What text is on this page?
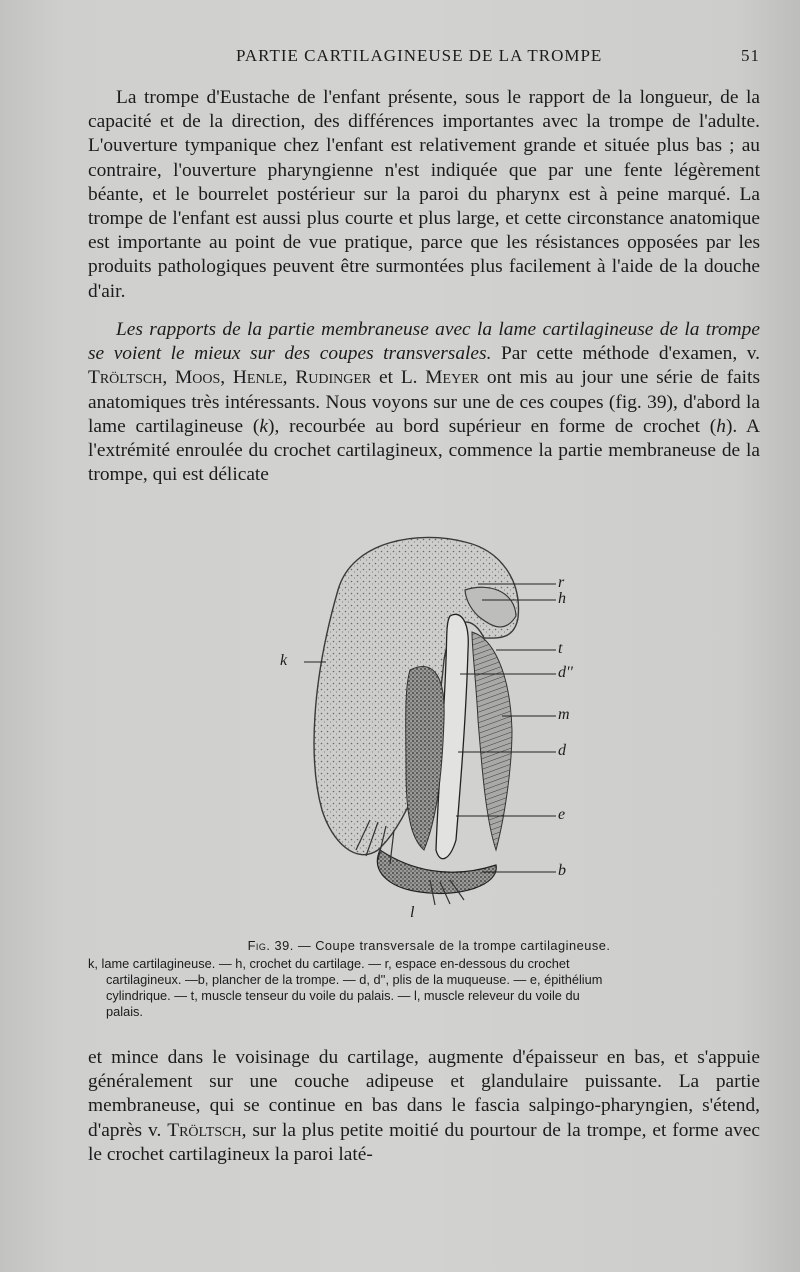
PARTIE CARTILAGINEUSE DE LA TROMPE	51

La trompe d'Eustache de l'enfant présente, sous le rapport de la longueur, de la capacité et de la direction, des différences importantes avec la trompe de l'adulte. L'ouverture tympanique chez l'enfant est relativement grande et située plus bas ; au contraire, l'ouverture pharyngienne n'est indiquée que par une fente légèrement béante, et le bourrelet postérieur sur la paroi du pharynx est à peine marqué. La trompe de l'enfant est aussi plus courte et plus large, et cette circonstance anatomique est importante au point de vue pratique, parce que les résistances opposées par les produits pathologiques peuvent être surmontées plus facilement à l'aide de la douche d'air.

Les rapports de la partie membraneuse avec la lame cartilagineuse de la trompe se voient le mieux sur des coupes transversales. Par cette méthode d'examen, v. Tröltsch, Moos, Henle, Rudinger et L. Meyer ont mis au jour une série de faits anatomiques très intéressants. Nous voyons sur une de ces coupes (fig. 39), d'abord la lame cartilagineuse (k), recourbée au bord supérieur en forme de crochet (h). A l'extrémité enroulée du crochet cartilagineux, commence la partie membraneuse de la trompe, qui est délicate

r
h
t
d''
m
d
e
b
k
l
Fig. 39. — Coupe transversale de la trompe cartilagineuse.
k, lame cartilagineuse. — h, crochet du cartilage. — r, espace en-dessous du crochet
cartilagineux. —b, plancher de la trompe. — d, d'', plis de la muqueuse. — e, épithélium
cylindrique. — t, muscle tenseur du voile du palais. — l, muscle releveur du voile du
palais.

et mince dans le voisinage du cartilage, augmente d'épaisseur en bas, et s'appuie généralement sur une couche adipeuse et glandulaire puissante. La partie membraneuse, qui se continue en bas dans le fascia salpingo-pharyngien, s'étend, d'après v. Tröltsch, sur la plus petite moitié du pourtour de la trompe, et forme avec le crochet cartilagineux la paroi laté-
